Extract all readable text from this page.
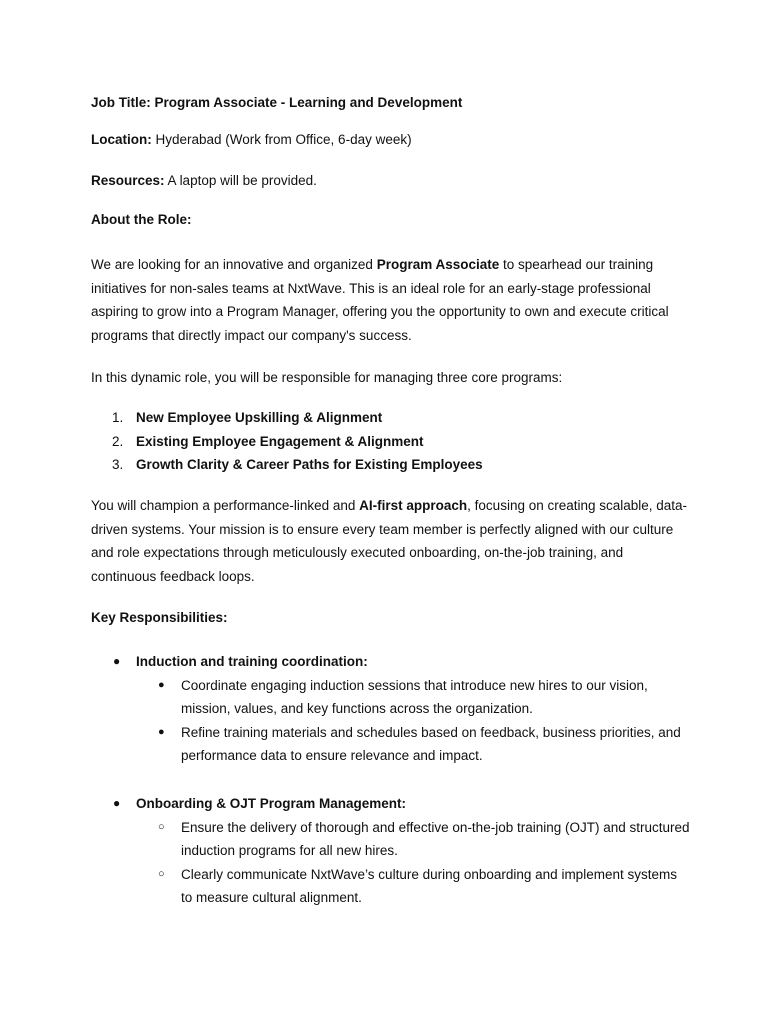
Job Title: Program Associate - Learning and Development

Location: Hyderabad (Work from Office, 6-day week)

Resources: A laptop will be provided.

About the Role:

We are looking for an innovative and organized Program Associate to spearhead our training initiatives for non-sales teams at NxtWave. This is an ideal role for an early-stage professional aspiring to grow into a Program Manager, offering you the opportunity to own and execute critical programs that directly impact our company's success.

In this dynamic role, you will be responsible for managing three core programs:

1. New Employee Upskilling & Alignment
2. Existing Employee Engagement & Alignment
3. Growth Clarity & Career Paths for Existing Employees

You will champion a performance-linked and AI-first approach, focusing on creating scalable, data-driven systems. Your mission is to ensure every team member is perfectly aligned with our culture and role expectations through meticulously executed onboarding, on-the-job training, and continuous feedback loops.

Key Responsibilities:

●	Induction and training coordination:

● Coordinate engaging induction sessions that introduce new hires to our vision, mission, values, and key functions across the organization.

● Refine training materials and schedules based on feedback, business priorities, and performance data to ensure relevance and impact.

●	Onboarding & OJT Program Management:

○ Ensure the delivery of thorough and effective on-the-job training (OJT) and structured induction programs for all new hires.

○ Clearly communicate NxtWave’s culture during onboarding and implement systems to measure cultural alignment.
